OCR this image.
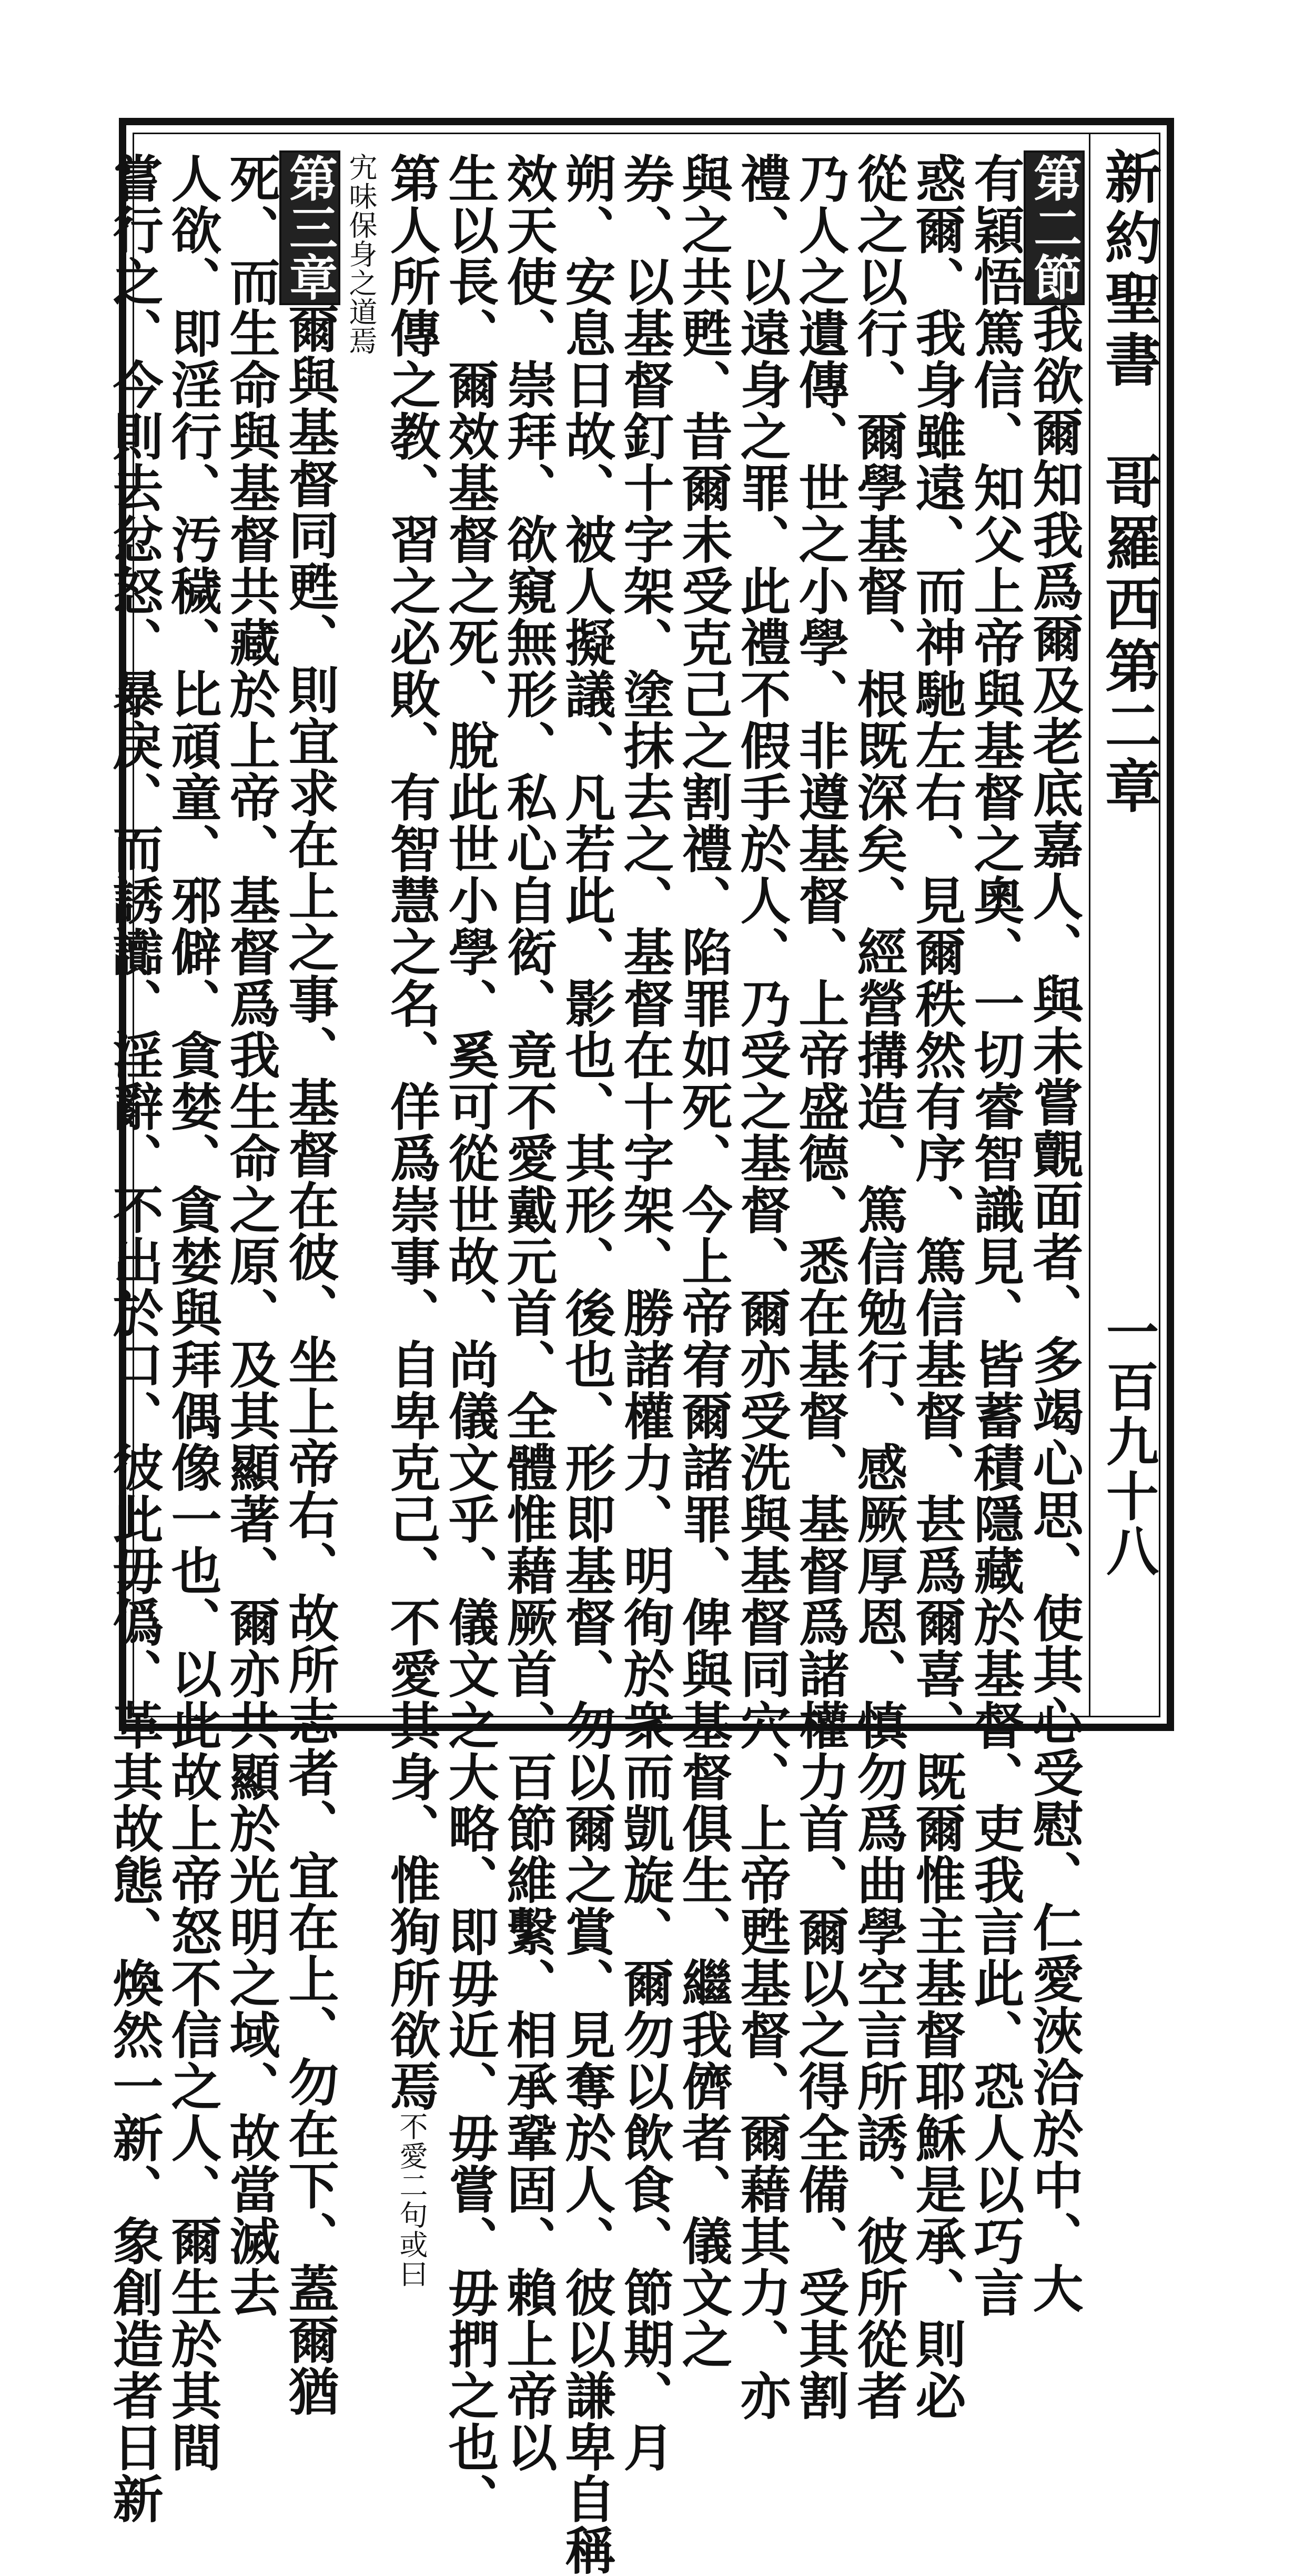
新約聖書　哥羅西
第二章
一百九十八
第二節我欲爾知我爲爾及老底嘉人、與未嘗覿面者、多竭心思、使其心受慰、仁愛浹洽於中、大
有穎悟篤信、知父上帝與基督之奧、一切睿智識見、皆蓄積隱藏於基督、吏我言此、恐人以巧言
惑爾、我身雖遠、而神馳左右、見爾秩然有序、篤信基督、甚爲爾喜、既爾惟主基督耶穌是承、則必
從之以行、爾學基督、根既深矣、經營搆造、篤信勉行、感厥厚恩、慎勿爲曲學空言所誘、彼所從者
乃人之遺傳、世之小學、非遵基督、上帝盛德、悉在基督、基督爲諸權力首、爾以之得全備、受其割
禮、以遠身之罪、此禮不假手於人、乃受之基督、爾亦受洗與基督同穴、上帝甦基督、爾藉其力、亦
與之共甦、昔爾未受克己之割禮、陷罪如死、今上帝宥爾諸罪、俾與基督俱生、繼我儕者、儀文之
券、以基督釘十字架、塗抹去之、基督在十字架、勝諸權力、明徇於衆而凱旋、爾勿以飲食、節期、月
朔、安息日故、被人擬議、凡若此、影也、其形、後也、形即基督、勿以爾之賞、見奪於人、彼以謙卑自稱
效天使、崇拜、欲窺無形、私心自衒、竟不愛戴元首、全體惟藉厥首、百節維繫、相承鞏固、賴上帝以
生以長、爾效基督之死、脫此世小學、奚可從世故、尚儀文乎、儀文之大略、即毋近、毋嘗、毋捫之也、
第人所傳之教、習之必敗、有智慧之名、佯爲崇事、自卑克己、不愛其身、惟狥所欲焉不愛二句或曰
宄味保身之道焉
第三章爾與基督同甦、則宜求在上之事、基督在彼、坐上帝右、故所志者、宜在上、勿在下、蓋爾猶
死、而生命與基督共藏於上帝、基督爲我生命之原、及其顯著、爾亦共顯於光明之域、故當滅去
人欲、即淫行、汚穢、比頑童、邪僻、貪婪、貪婪與拜偶像一也、以此故上帝怒不信之人、爾生於其間
嘗行之、今則去忿怒、暴戾、而誘讟、淫辭、不出於口、彼此毋僞、革其故態、煥然一新、象創造者日新
